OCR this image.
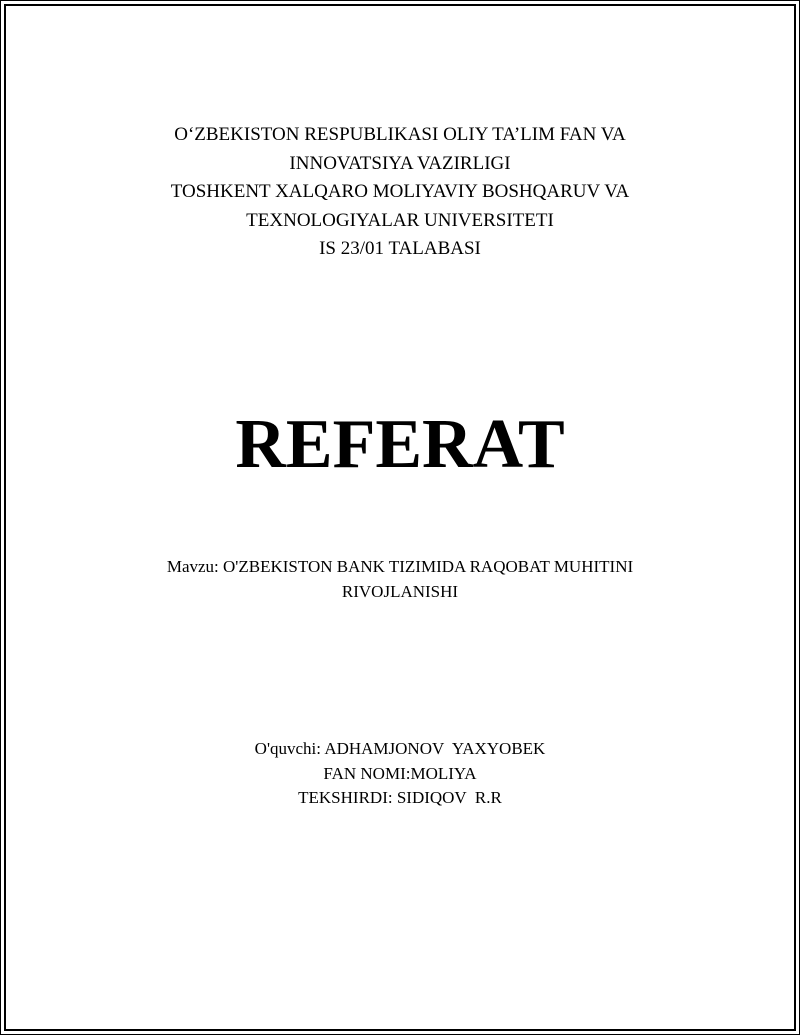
O‘ZBEKISTON RESPUBLIKASI OLIY TA’LIM FAN VA
INNOVATSIYA VAZIRLIGI
TOSHKENT XALQARO MOLIYAVIY BOSHQARUV VA
TEXNOLOGIYALAR UNIVERSITETI
IS 23/01 TALABASI
REFERAT
Mavzu: O'ZBEKISTON BANK TIZIMIDA RAQOBAT MUHITINI
RIVOJLANISHI
O'quvchi: ADHAMJONOV  YAXYOBEK
FAN NOMI:MOLIYA
TEKSHIRDI: SIDIQOV  R.R
